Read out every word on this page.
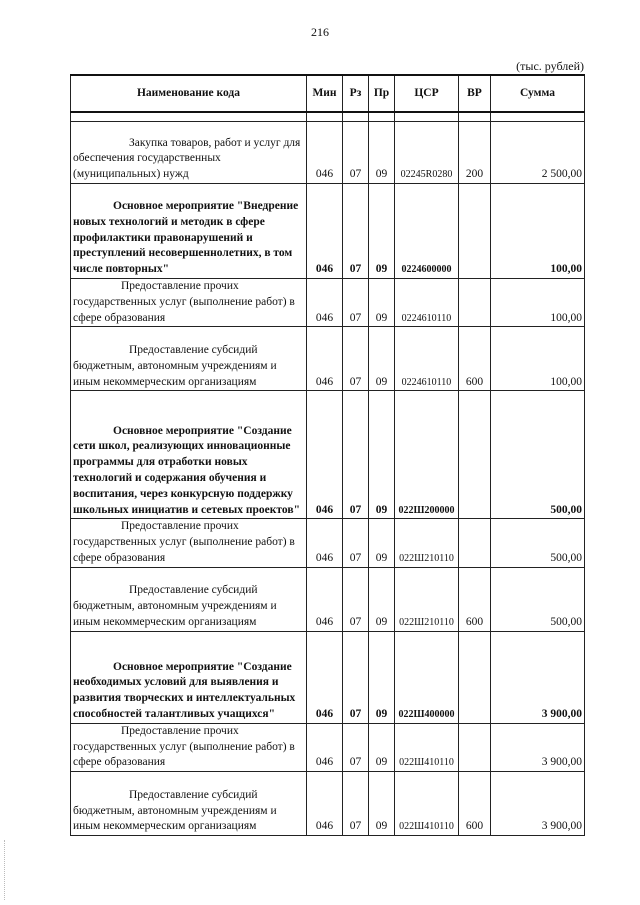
216
(тыс. рублей)
Наименование кода	Мин	Рз	Пр	ЦСР	ВР	Сумма

Закупка товаров, работ и услуг для обеспечения государственных (муниципальных) нужд	046	07	09	02245R0280	200	2 500,00
Основное мероприятие "Внедрение новых технологий и методик в сфере профилактики правонарушений и преступлений несовершеннолетних, в том числе повторных"	046	07	09	0224600000		100,00
Предоставление прочих государственных услуг (выполнение работ) в сфере образования	046	07	09	0224610110		100,00
Предоставление субсидий бюджетным, автономным учреждениям и иным некоммерческим организациям	046	07	09	0224610110	600	100,00
Основное мероприятие "Создание сети школ, реализующих инновационные программы для отработки новых технологий и содержания обучения и воспитания, через конкурсную поддержку школьных инициатив и сетевых проектов"	046	07	09	022Ш200000		500,00
Предоставление прочих государственных услуг (выполнение работ) в сфере образования	046	07	09	022Ш210110		500,00
Предоставление субсидий бюджетным, автономным учреждениям и иным некоммерческим организациям	046	07	09	022Ш210110	600	500,00
Основное мероприятие "Создание необходимых условий для выявления и развития творческих и интеллектуальных способностей талантливых учащихся"	046	07	09	022Ш400000		3 900,00
Предоставление прочих государственных услуг (выполнение работ) в сфере образования	046	07	09	022Ш410110		3 900,00
Предоставление субсидий бюджетным, автономным учреждениям и иным некоммерческим организациям	046	07	09	022Ш410110	600	3 900,00
